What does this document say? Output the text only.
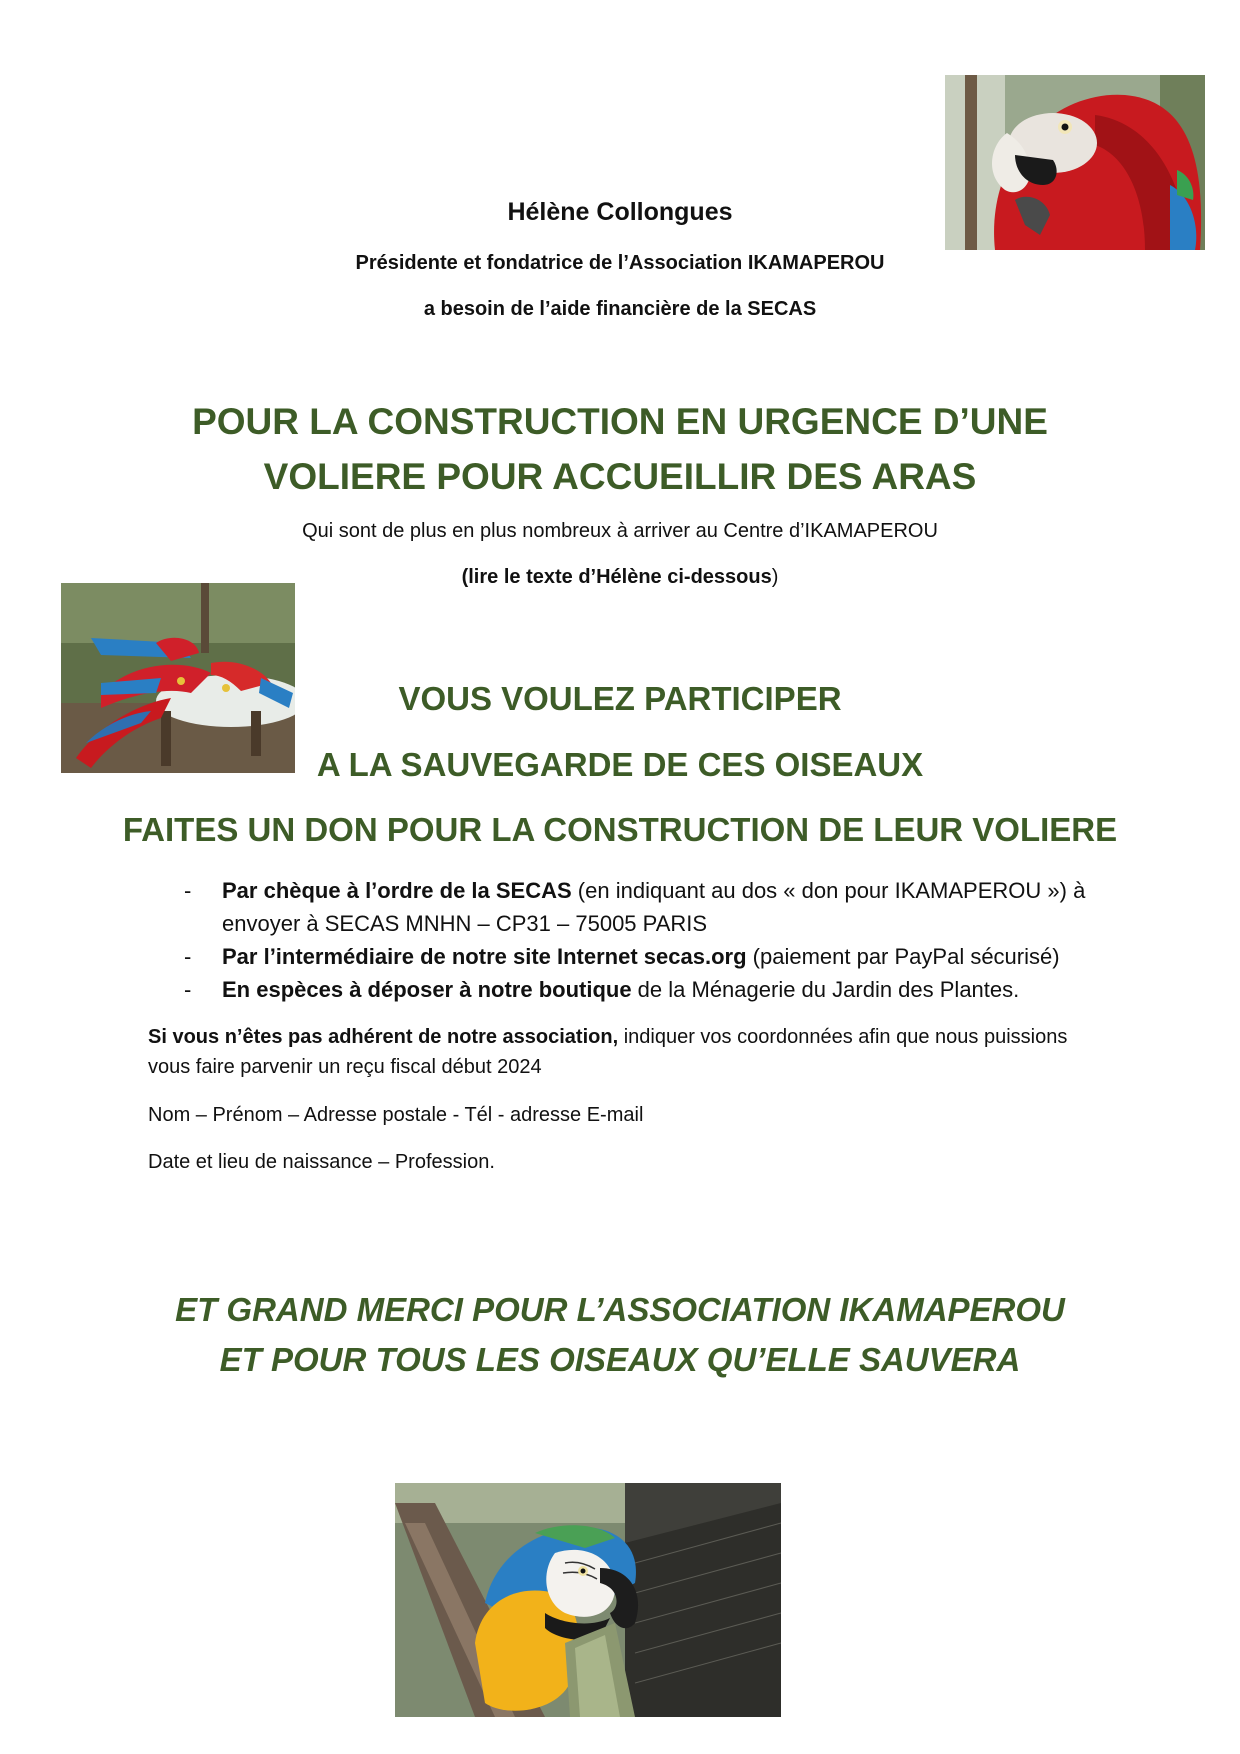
Hélène Collongues
Présidente et fondatrice de l’Association IKAMAPEROU
a besoin de l’aide financière de la SECAS
POUR LA CONSTRUCTION EN URGENCE D’UNE
VOLIERE POUR ACCUEILLIR DES ARAS
Qui sont de plus en plus nombreux à arriver au Centre d’IKAMAPEROU
(lire le texte d’Hélène ci-dessous)
VOUS VOULEZ PARTICIPER
A LA SAUVEGARDE DE CES OISEAUX
FAITES UN DON POUR LA CONSTRUCTION DE LEUR VOLIERE
- Par chèque à l’ordre de la SECAS (en indiquant au dos « don pour IKAMAPEROU ») à envoyer à SECAS MNHN – CP31 – 75005 PARIS
- Par l’intermédiaire de notre site Internet secas.org (paiement par PayPal sécurisé)
- En espèces à déposer à notre boutique de la Ménagerie du Jardin des Plantes.
Si vous n’êtes pas adhérent de notre association, indiquer vos coordonnées afin que nous puissions vous faire parvenir un reçu fiscal début 2024
Nom – Prénom – Adresse postale - Tél - adresse E-mail
Date et lieu de naissance – Profession.
ET GRAND MERCI POUR L’ASSOCIATION IKAMAPEROU
ET POUR TOUS LES OISEAUX QU’ELLE SAUVERA
